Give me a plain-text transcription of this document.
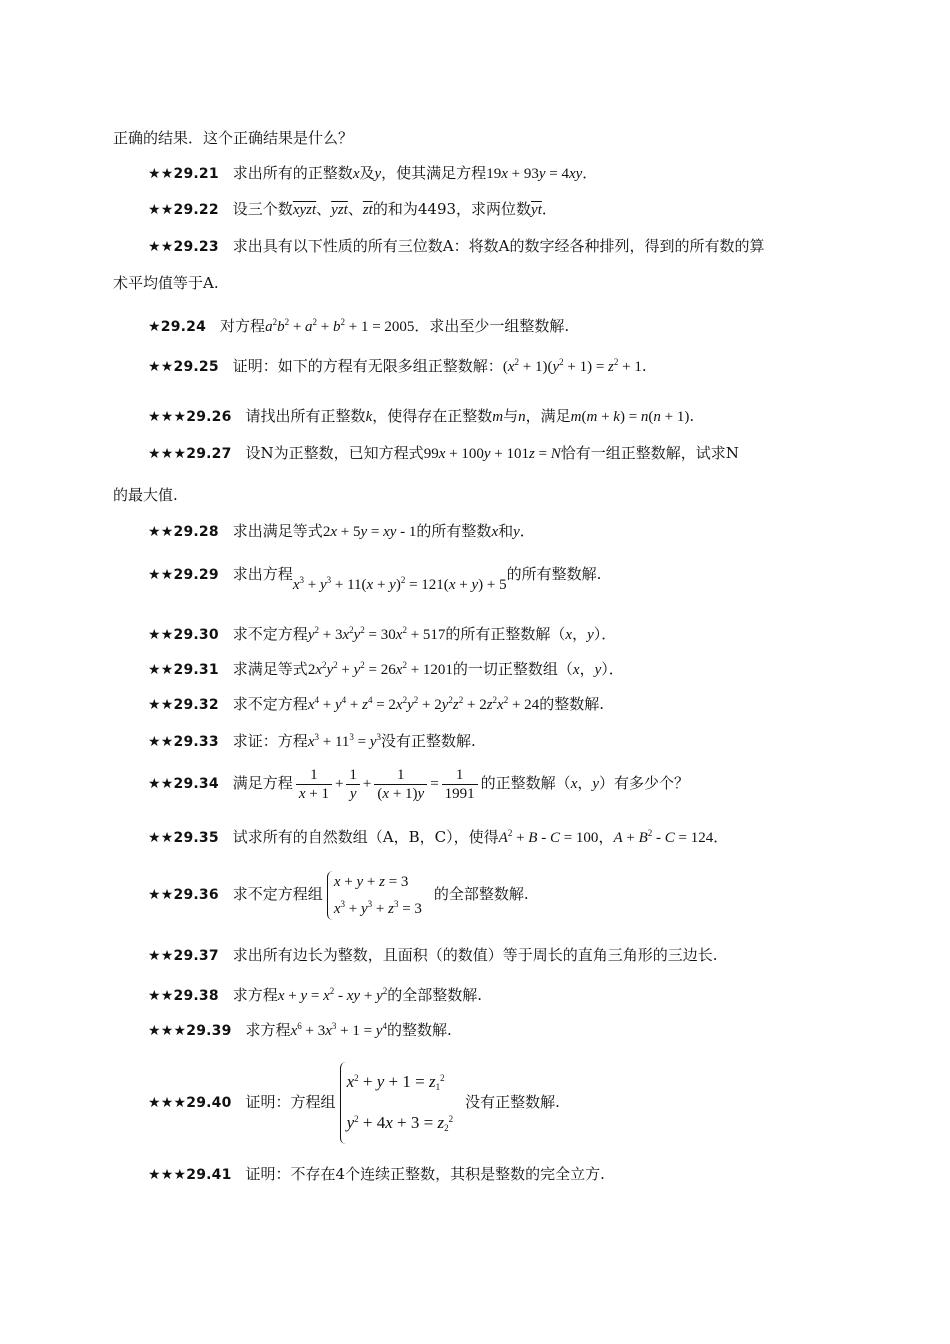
正确的结果．这个正确结果是什么？
★★29.21 求出所有的正整数x及y，使其满足方程19x + 93y = 4xy．
★★29.22 设三个数xyzt、$\overline{yzt}$、$\overline{zt}$的和为4493，求两位数$\overline{yt}$．
★★29.23 求出具有以下性质的所有三位数A：将数A的数字经各种排列，得到的所有数的算
术平均值等于A.
★29.24 对方程$a^2b^2 + a^2 + b^2 + 1 = 2005$．求出至少一组整数解.
★★29.25 证明：如下的方程有无限多组正整数解：$(x^2 + 1)(y^2 + 1) = z^2 + 1$.
★★★29.26 请找出所有正整数k，使得存在正整数m与n，满足m(m + k) = n(n + 1).
★★★29.27 设N为正整数，已知方程式99x + 100y + 101z = N恰有一组正整数解，试求N
的最大值.
★★29.28 求出满足等式2x + 5y = xy - 1的所有整数x和y．
★★29.29 求出方程$x^3 + y^3 + 11(x + y)^2 = 121(x + y) + 5$的所有整数解.
★★29.30 求不定方程$y^2 + 3x^2y^2 = 30x^2 + 517$的所有正整数解（x，y）．
★★29.31 求满足等式$2x^2y^2 + y^2 = 26x^2 + 1201$的一切正整数组（x，y）．
★★29.32 求不定方程$x^4 + y^4 + z^4 = 2x^2y^2 + 2y^2z^2 + 2z^2x^2 + 24$的整数解.
★★29.33 求证：方程$x^3 + 11^3 = y^3$没有正整数解.
★★29.34 满足方程 $\frac{1}{x + 1} + \frac{1}{y} + \frac{1}{(x + 1)y} = \frac{1}{1991}$ 的正整数解（x，y）有多少个？
★★29.35 试求所有的自然数组（A，B，C），使得$A^2 + B - C = 100$，$A + B^2 - C = 124$．
★★29.36 求不定方程组
x + y + z = 3
$x^3 + y^3 + z^3 = 3$
的全部整数解.
★★29.37 求出所有边长为整数，且面积（的数值）等于周长的直角三角形的三边长.
★★29.38 求方程$x + y = x^2$ - xy + $y^2$的全部整数解.
★★★29.39 求方程$x^6 + 3x^3 + 1 = y^4$的整数解.
★★★29.40 证明：方程组
$x^2 + y + 1 = z_1^2$
$y^2 + 4x + 3 = z_2^2$
没有正整数解.
★★★29.41 证明：不存在4个连续正整数，其积是整数的完全立方.
